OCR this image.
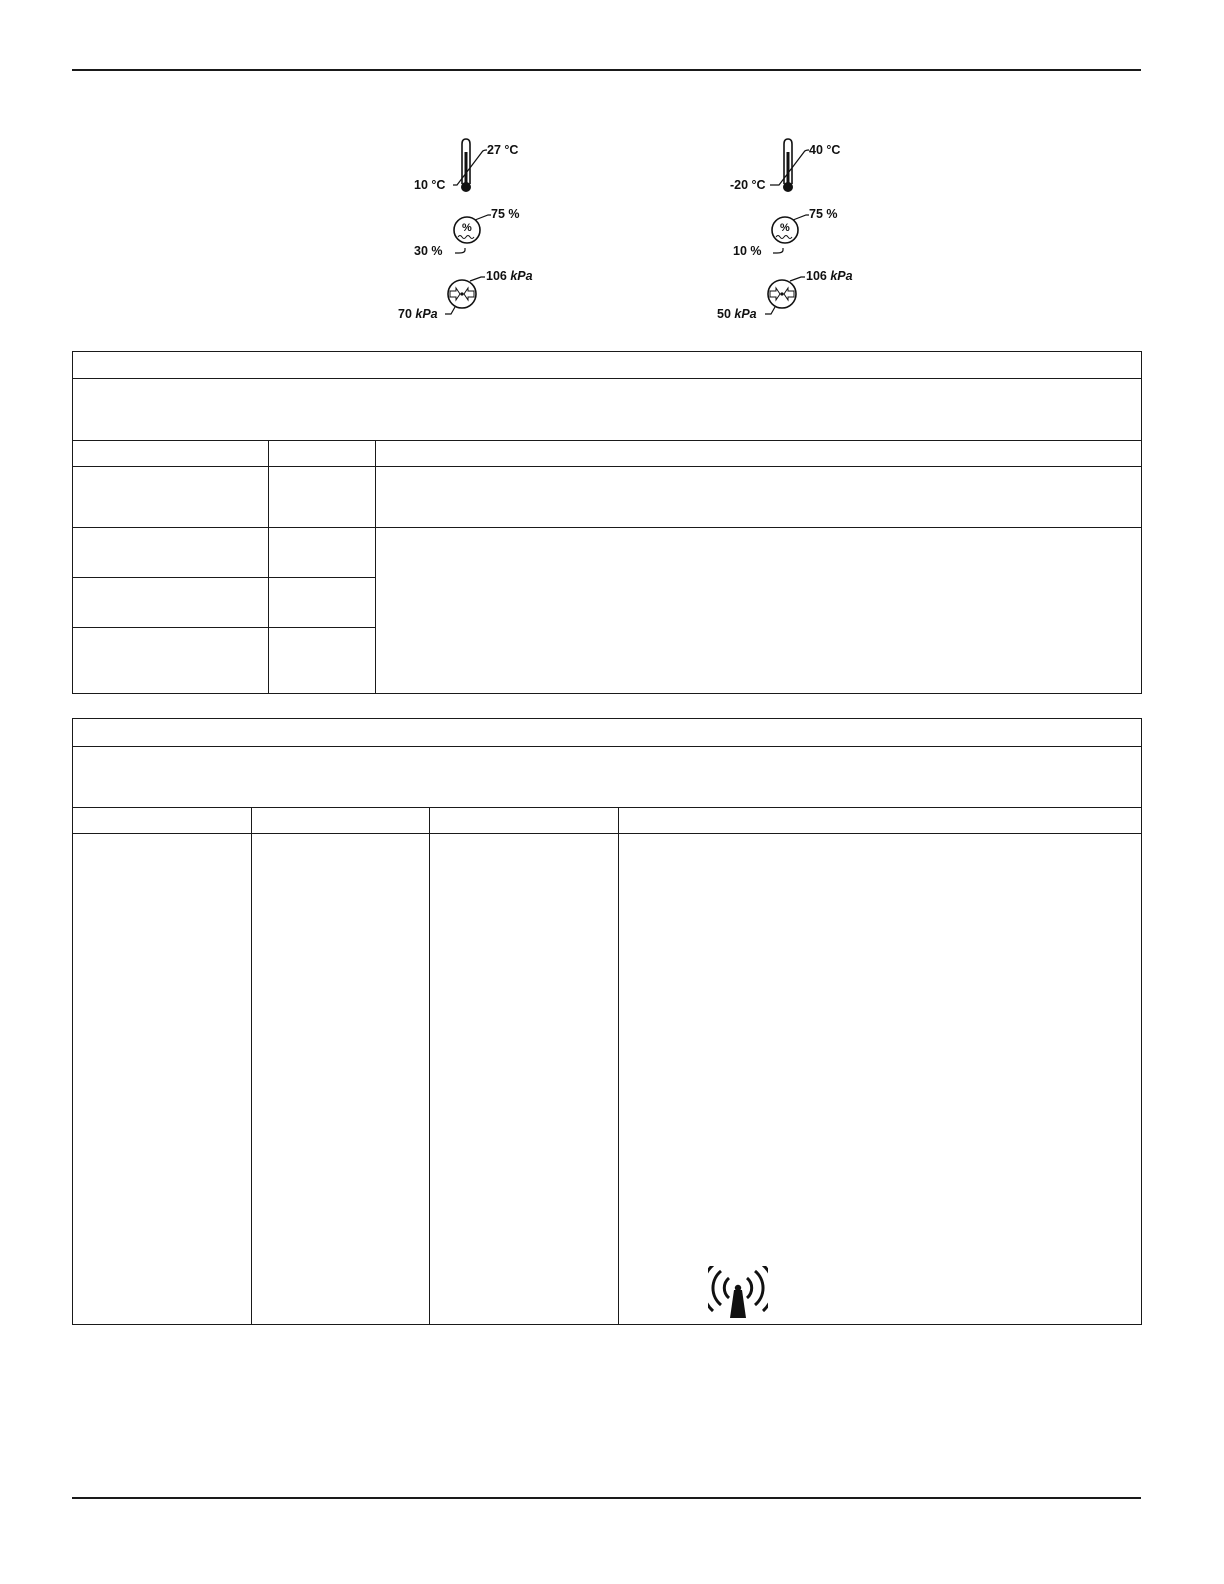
27 °C
10 °C
%
75 %
30 %
106 kPa
70 kPa
40 °C
-20 °C
%
75 %
10 %
106 kPa
50 kPa
